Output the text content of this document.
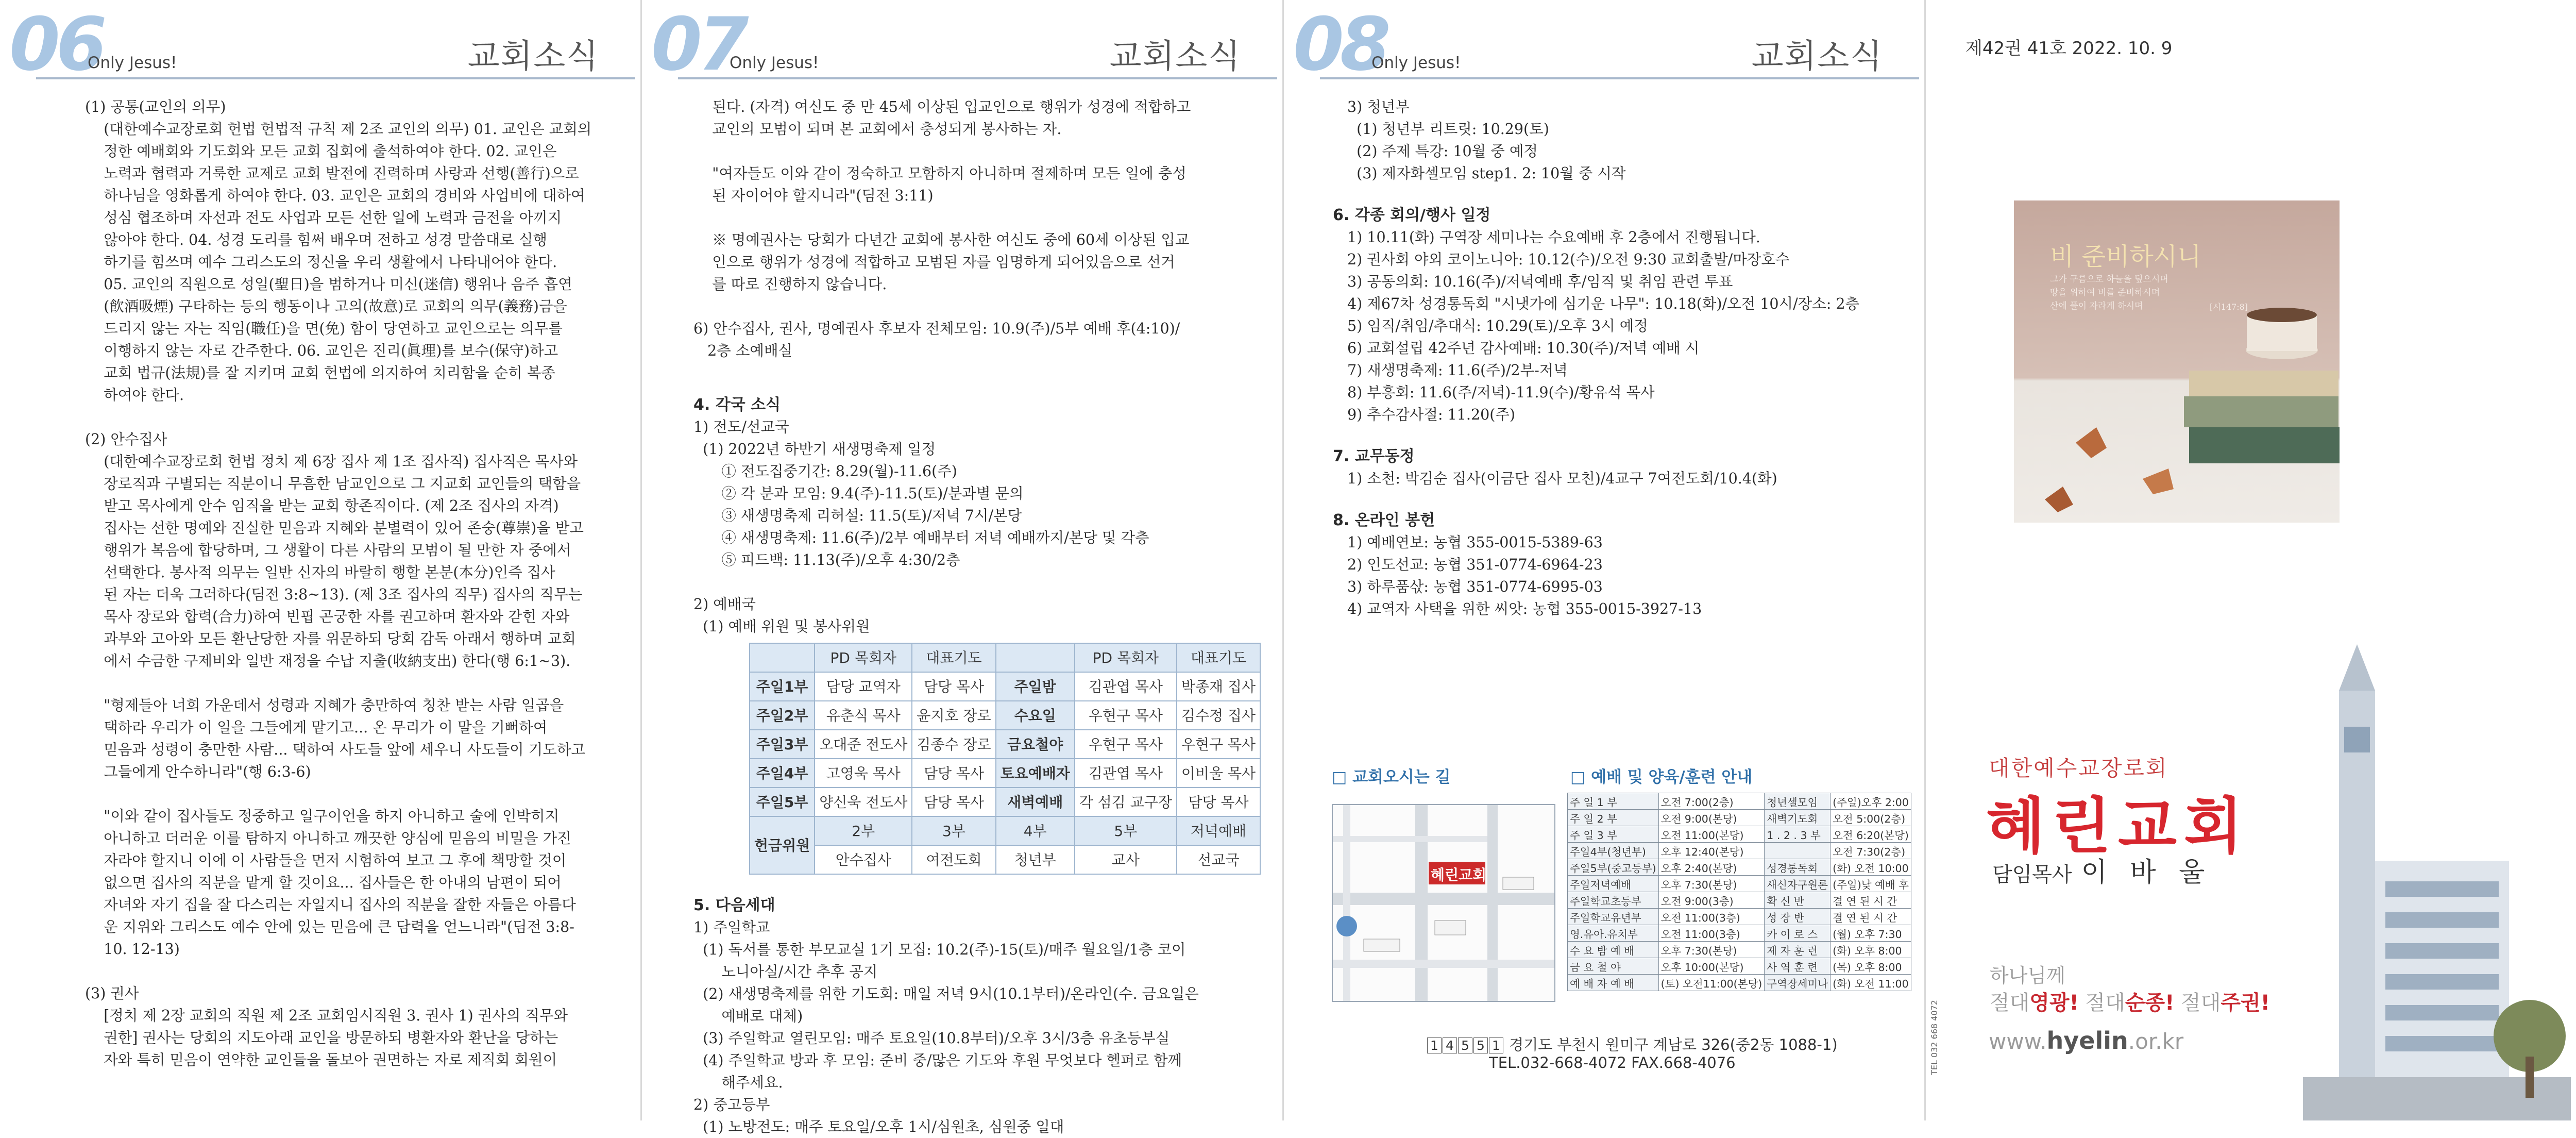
06
Only Jesus!	교회소식
(1) 공통(교인의 의무)
(대한예수교장로회 헌법 헌법적 규칙 제 2조 교인의 의무) 01. 교인은 교회의
정한 예배회와 기도회와 모든 교회 집회에 출석하여야 한다. 02. 교인은
노력과 협력과 거룩한 교제로 교회 발전에 진력하며 사랑과 선행(善行)으로
하나님을 영화롭게 하여야 한다. 03. 교인은 교회의 경비와 사업비에 대하여
성심 협조하며 자선과 전도 사업과 모든 선한 일에 노력과 금전을 아끼지
않아야 한다. 04. 성경 도리를 힘써 배우며 전하고 성경 말씀대로 실행
하기를 힘쓰며 예수 그리스도의 정신을 우리 생활에서 나타내어야 한다.
05. 교인의 직원으로 성일(聖日)을 범하거나 미신(迷信) 행위나 음주 흡연
(飮酒吸煙) 구타하는 등의 행동이나 고의(故意)로 교회의 의무(義務)금을
드리지 않는 자는 직임(職任)을 면(免) 함이 당연하고 교인으로는 의무를
이행하지 않는 자로 간주한다. 06. 교인은 진리(眞理)를 보수(保守)하고
교회 법규(法規)를 잘 지키며 교회 헌법에 의지하여 치리함을 순히 복종
하여야 한다.
(2) 안수집사
(대한예수교장로회 헌법 정치 제 6장 집사 제 1조 집사직) 집사직은 목사와
장로직과 구별되는 직분이니 무흠한 남교인으로 그 지교회 교인들의 택함을
받고 목사에게 안수 임직을 받는 교회 항존직이다. (제 2조 집사의 자격)
집사는 선한 명예와 진실한 믿음과 지혜와 분별력이 있어 존숭(尊崇)을 받고
행위가 복음에 합당하며, 그 생활이 다른 사람의 모범이 될 만한 자 중에서
선택한다. 봉사적 의무는 일반 신자의 바랄히 행할 본분(本分)인즉 집사
된 자는 더욱 그러하다(딤전 3:8~13). (제 3조 집사의 직무) 집사의 직무는
목사 장로와 합력(合力)하여 빈핍 곤궁한 자를 권고하며 환자와 갇힌 자와
과부와 고아와 모든 환난당한 자를 위문하되 당회 감독 아래서 행하며 교회
에서 수금한 구제비와 일반 재정을 수납 지출(收納支出) 한다(행 6:1~3).
"형제들아 너희 가운데서 성령과 지혜가 충만하여 칭찬 받는 사람 일곱을
택하라 우리가 이 일을 그들에게 맡기고... 온 무리가 이 말을 기뻐하여
믿음과 성령이 충만한 사람... 택하여 사도들 앞에 세우니 사도들이 기도하고
그들에게 안수하니라"(행 6:3-6)
"이와 같이 집사들도 정중하고 일구이언을 하지 아니하고 술에 인박히지
아니하고 더러운 이를 탐하지 아니하고 깨끗한 양심에 믿음의 비밀을 가진
자라야 할지니 이에 이 사람들을 먼저 시험하여 보고 그 후에 책망할 것이
없으면 집사의 직분을 맡게 할 것이요... 집사들은 한 아내의 남편이 되어
자녀와 자기 집을 잘 다스리는 자일지니 집사의 직분을 잘한 자들은 아름다
운 지위와 그리스도 예수 안에 있는 믿음에 큰 담력을 얻느니라"(딤전 3:8-
10. 12-13)
(3) 권사
[정치 제 2장 교회의 직원 제 2조 교회임시직원 3. 권사 1) 권사의 직무와
권한] 권사는 당회의 지도아래 교인을 방문하되 병환자와 환난을 당하는
자와 특히 믿음이 연약한 교인들을 돌보아 권면하는 자로 제직회 회원이
07
Only Jesus!	교회소식
된다. (자격) 여신도 중 만 45세 이상된 입교인으로 행위가 성경에 적합하고
교인의 모범이 되며 본 교회에서 충성되게 봉사하는 자.
"여자들도 이와 같이 정숙하고 모함하지 아니하며 절제하며 모든 일에 충성
된 자이어야 할지니라"(딤전 3:11)
※ 명예권사는 당회가 다년간 교회에 봉사한 여신도 중에 60세 이상된 입교
인으로 행위가 성경에 적합하고 모범된 자를 임명하게 되어있음으로 선거
를 따로 진행하지 않습니다.
6) 안수집사, 권사, 명예권사 후보자 전체모임: 10.9(주)/5부 예배 후(4:10)/
2층 소예배실
4. 각국 소식
1) 전도/선교국
(1) 2022년 하반기 새생명축제 일정
① 전도집중기간: 8.29(월)-11.6(주)
② 각 분과 모임: 9.4(주)-11.5(토)/분과별 문의
③ 새생명축제 리허설: 11.5(토)/저녁 7시/본당
④ 새생명축제: 11.6(주)/2부 예배부터 저녁 예배까지/본당 및 각층
⑤ 피드백: 11.13(주)/오후 4:30/2층
2) 예배국
(1) 예배 위원 및 봉사위원
	PD 목회자	대표기도		PD 목회자	대표기도
주일1부	담당 교역자	담당 목사	주일밤	김관엽 목사	박종재 집사
주일2부	유춘식 목사	윤지호 장로	수요일	우현구 목사	김수정 집사
주일3부	오대준 전도사	김종수 장로	금요철야	우현구 목사	우현구 목사
주일4부	고영욱 목사	담당 목사	토요예배자	김관엽 목사	이비울 목사
주일5부	양신욱 전도사	담당 목사	새벽예배	각 섬김 교구장	담당 목사
헌금위원	2부	3부	4부	5부	저녁예배
	안수집사	여전도회	청년부	교사	선교국
5. 다음세대
1) 주일학교
(1) 독서를 통한 부모교실 1기 모집: 10.2(주)-15(토)/매주 월요일/1층 코이
노니아실/시간 추후 공지
(2) 새생명축제를 위한 기도회: 매일 저녁 9시(10.1부터)/온라인(수. 금요일은
예배로 대체)
(3) 주일학교 열린모임: 매주 토요일(10.8부터)/오후 3시/3층 유초등부실
(4) 주일학교 방과 후 모임: 준비 중/많은 기도와 후원 무엇보다 헬퍼로 함께
해주세요.
2) 중고등부
(1) 노방전도: 매주 토요일/오후 1시/심원초, 심원중 일대
08
Only Jesus!	교회소식
3) 청년부
(1) 청년부 리트릿: 10.29(토)
(2) 주제 특강: 10월 중 예정
(3) 제자화셀모임 step1. 2: 10월 중 시작
6. 각종 회의/행사 일정
1) 10.11(화) 구역장 세미나는 수요예배 후 2층에서 진행됩니다.
2) 권사회 야외 코이노니아: 10.12(수)/오전 9:30 교회출발/마장호수
3) 공동의회: 10.16(주)/저녁예배 후/임직 및 취임 관련 투표
4) 제67차 성경통독회 "시냇가에 심기운 나무": 10.18(화)/오전 10시/장소: 2층
5) 임직/취임/추대식: 10.29(토)/오후 3시 예정
6) 교회설립 42주년 감사예배: 10.30(주)/저녁 예배 시
7) 새생명축제: 11.6(주)/2부-저녁
8) 부흥회: 11.6(주/저녁)-11.9(수)/황유석 목사
9) 추수감사절: 11.20(주)
7. 교무동정
1) 소천: 박김순 집사(이금단 집사 모친)/4교구 7여전도회/10.4(화)
8. 온라인 봉헌
1) 예배연보: 농협 355-0015-5389-63
2) 인도선교: 농협 351-0774-6964-23
3) 하루품삯: 농협 351-0774-6995-03
4) 교역자 사택을 위한 씨앗: 농협 355-0015-3927-13
□ 교회오시는 길
혜린교회
□ 예배 및 양육/훈련 안내
주 일 1 부	오전 7:00(2층)	청년셀모임	(주일)오후 2:00
주 일 2 부	오전 9:00(본당)	새벽기도회	오전 5:00(2층)
주 일 3 부	오전 11:00(본당)	1 . 2 . 3 부	오전 6:20(본당)
주일4부(청년부)	오후 12:40(본당)		오전 7:30(2층)
주일5부(중고등부)	오후 2:40(본당)	성경통독회	(화) 오전 10:00
주일저녁예배	오후 7:30(본당)	새신자구원론	(주일)낮 예배 후
주일학교초등부	오전 9:00(3층)	확 신 반	결 연 된 시 간
주일학교유년부	오전 11:00(3층)	성 장 반	결 연 된 시 간
영.유아.유치부	오전 11:00(3층)	카 이 로 스	(월) 오후 7:30
수 요 밤 예 배	오후 7:30(본당)	제 자 훈 련	(화) 오후 8:00
금 요 철 야	오후 10:00(본당)	사 역 훈 련	(목) 오후 8:00
예 배 자 예 배	(토) 오전11:00(본당)	구역장세미나	(화) 오전 11:00
1 4 5 5 1 경기도 부천시 원미구 계남로 326(중2동 1088-1)
TEL.032-668-4072 FAX.668-4076
제42권 41호 2022. 10. 9
비 준비하시니
그가 구름으로 하늘을 덮으시며
땅을 위하여 비를 준비하시며
산에 풀이 자라게 하시며	[시147:8]
대한예수교장로회
혜린교회
담임목사 이 바 울
하나님께
절대영광! 절대순종! 절대주권!
www.hyelin.or.kr
TEL 032 668 4072
